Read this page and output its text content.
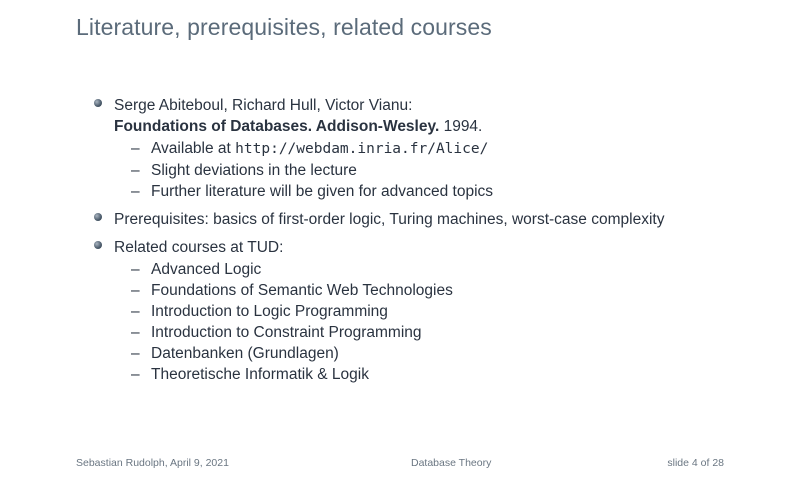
Literature, prerequisites, related courses
Serge Abiteboul, Richard Hull, Victor Vianu:
Foundations of Databases. Addison-Wesley. 1994.
– Available at http://webdam.inria.fr/Alice/
– Slight deviations in the lecture
– Further literature will be given for advanced topics
Prerequisites: basics of first-order logic, Turing machines, worst-case complexity
Related courses at TUD:
– Advanced Logic
– Foundations of Semantic Web Technologies
– Introduction to Logic Programming
– Introduction to Constraint Programming
– Datenbanken (Grundlagen)
– Theoretische Informatik & Logik
Sebastian Rudolph, April 9, 2021	Database Theory	slide 4 of 28
